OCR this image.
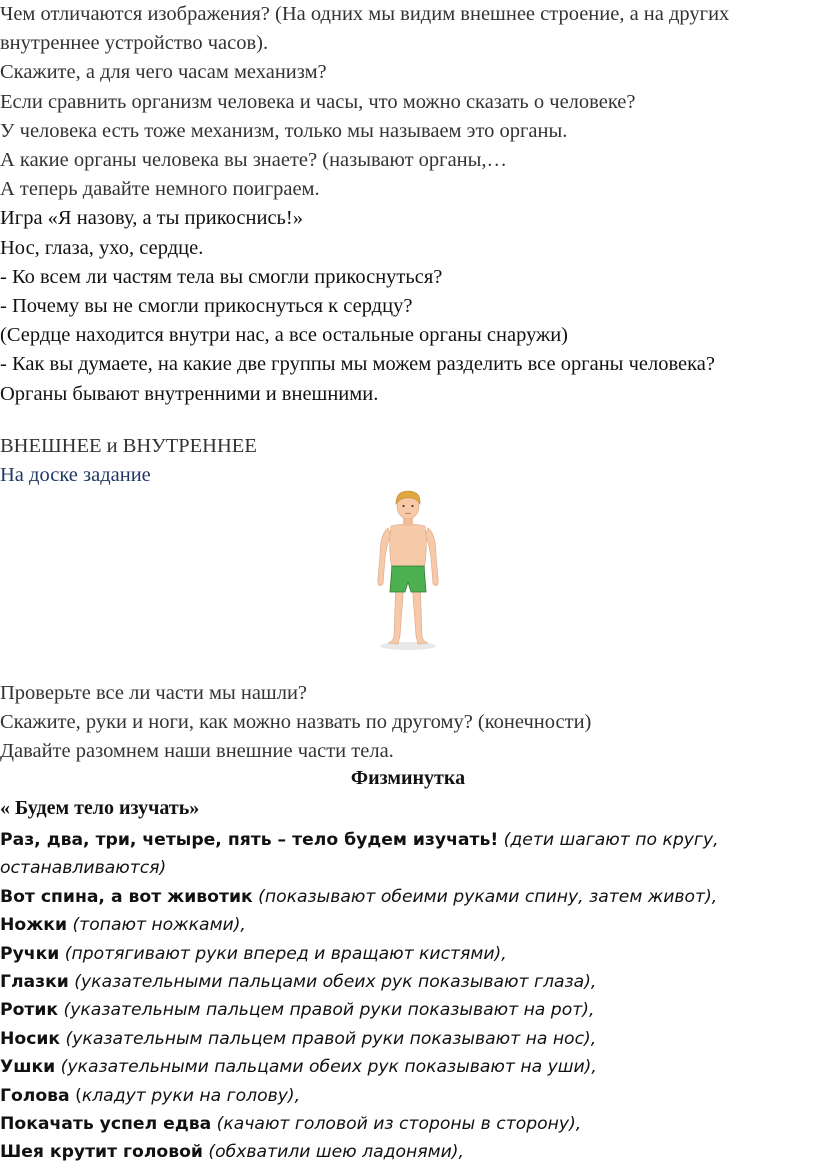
Чем отличаются изображения? (На одних мы видим внешнее строение, а на других

внутреннее устройство часов).

Скажите, а для чего часам механизм?

Если сравнить организм человека и часы, что можно сказать о человеке?

У человека есть тоже механизм, только мы называем это органы.

А какие органы человека вы знаете? (называют органы,…

А теперь давайте немного поиграем.

Игра «Я назову, а ты прикоснись!»

Нос, глаза, ухо, сердце.

- Ко всем ли частям тела вы смогли прикоснуться?

- Почему вы не смогли прикоснуться к сердцу?

(Сердце находится внутри нас, а все остальные органы снаружи)

- Как вы думаете, на какие две группы мы можем разделить все органы человека?

Органы бывают внутренними и внешними.

ВНЕШНЕЕ и ВНУТРЕННЕЕ

На доске задание

Проверьте все ли части мы нашли?

Скажите, руки и ноги, как можно назвать по другому? (конечности)

Давайте разомнем наши внешние части тела.

Физминутка
« Будем тело изучать»

Раз, два, три, четыре, пять – тело будем изучать! (дети шагают по кругу,

останавливаются)

Вот спина, а вот животик (показывают обеими руками спину, затем живот),

Ножки (топают ножками),

Ручки (протягивают руки вперед и вращают кистями),

Глазки (указательными пальцами обеих рук показывают глаза),

Ротик (указательным пальцем правой руки показывают на рот),

Носик (указательным пальцем правой руки показывают на нос),

Ушки (указательными пальцами обеих рук показывают на уши),

Голова (кладут руки на голову),

Покачать успел едва (качают головой из стороны в сторону),

Шея крутит головой (обхватили шею ладонями),
